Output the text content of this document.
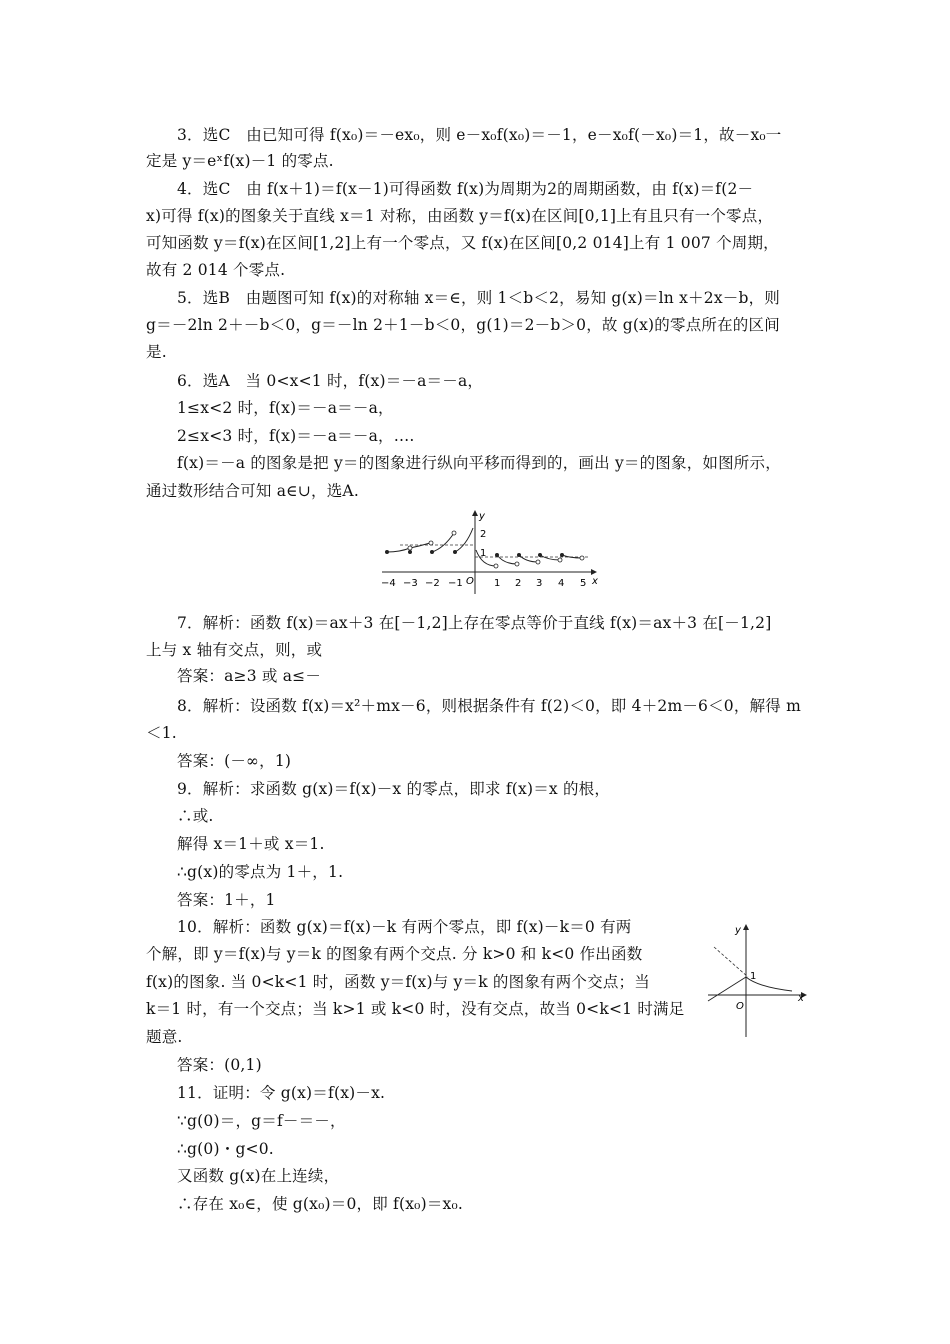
3．选C　由已知可得 f(x₀)＝－ex₀，则 e－x₀f(x₀)＝－1，e－x₀f(－x₀)＝1，故－x₀一
定是 y＝eˣf(x)－1 的零点.
4．选C　由 f(x＋1)＝f(x－1)可得函数 f(x)为周期为2的周期函数，由 f(x)＝f(2－
x)可得 f(x)的图象关于直线 x＝1 对称，由函数 y＝f(x)在区间[0,1]上有且只有一个零点，
可知函数 y＝f(x)在区间[1,2]上有一个零点，又 f(x)在区间[0,2 014]上有 1 007 个周期，
故有 2 014 个零点.
5．选B　由题图可知 f(x)的对称轴 x＝∈，则 1＜b＜2，易知 g(x)＝ln x＋2x－b，则
g＝－2ln 2＋－b＜0，g＝－ln 2＋1－b＜0，g(1)＝2－b＞0，故 g(x)的零点所在的区间
是.
6．选A　当 0<x<1 时，f(x)＝－a＝－a，
1≤x<2 时，f(x)＝－a＝－a，
2≤x<3 时，f(x)＝－a＝－a，….
f(x)＝－a 的图象是把 y＝的图象进行纵向平移而得到的，画出 y＝的图象，如图所示，
通过数形结合可知 a∈∪，选A.
y
x
O
2
1
−4 −3 −2 −1	1 2 3 4 5
7．解析：函数 f(x)＝ax＋3 在[－1,2]上存在零点等价于直线 f(x)＝ax＋3 在[－1,2]
上与 x 轴有交点，则，或
答案：a≥3 或 a≤－
8．解析：设函数 f(x)＝x²＋mx－6，则根据条件有 f(2)＜0，即 4＋2m－6＜0，解得 m
＜1.
答案：(－∞，1)
9．解析：求函数 g(x)＝f(x)－x 的零点，即求 f(x)＝x 的根，
∴或.
解得 x＝1＋或 x＝1.
∴g(x)的零点为 1＋，1.
答案：1＋，1
10．解析：函数 g(x)＝f(x)－k 有两个零点，即 f(x)－k＝0 有两
个解，即 y＝f(x)与 y＝k 的图象有两个交点. 分 k>0 和 k<0 作出函数
f(x)的图象. 当 0<k<1 时，函数 y＝f(x)与 y＝k 的图象有两个交点；当
k＝1 时，有一个交点；当 k>1 或 k<0 时，没有交点，故当 0<k<1 时满足
题意.
y
x
O
1
答案：(0,1)
11．证明：令 g(x)＝f(x)－x.
∵g(0)＝，g＝f－＝－，
∴g(0)・g<0.
又函数 g(x)在上连续，
∴存在 x₀∈，使 g(x₀)＝0，即 f(x₀)＝x₀.
